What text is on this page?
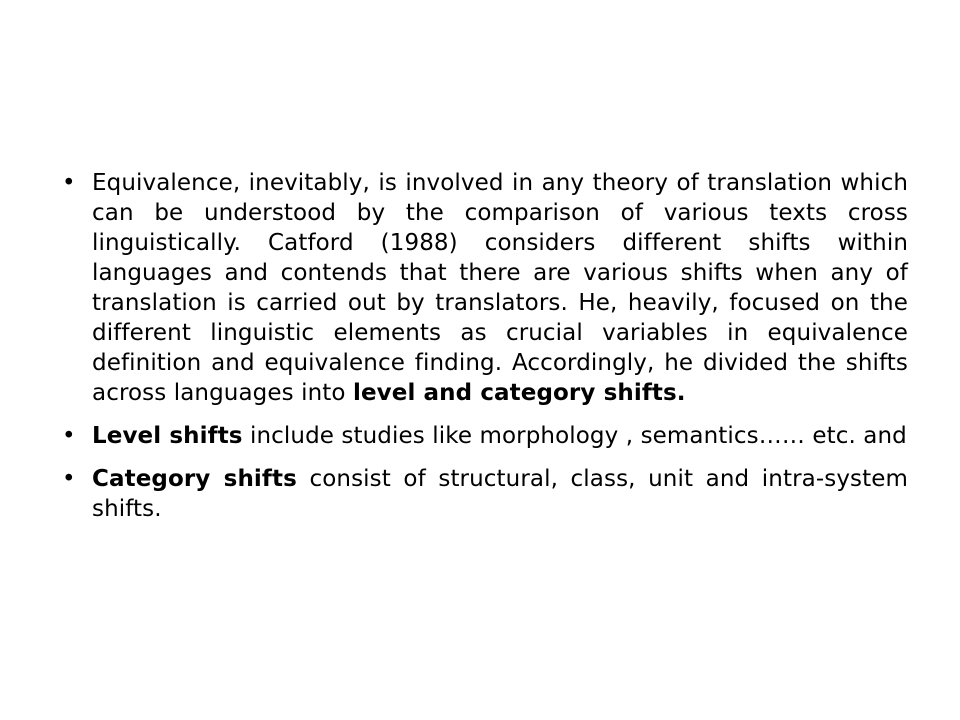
• Equivalence, inevitably, is involved in any theory of translation which can be understood by the comparison of various texts cross linguistically. Catford (1988) considers different shifts within languages and contends that there are various shifts when any of translation is carried out by translators. He, heavily, focused on the different linguistic elements as crucial variables in equivalence definition and equivalence finding. Accordingly, he divided the shifts across languages into level and category shifts.
• Level shifts include studies like morphology , semantics…… etc. and
• Category shifts consist of structural, class, unit and intra-system shifts.
